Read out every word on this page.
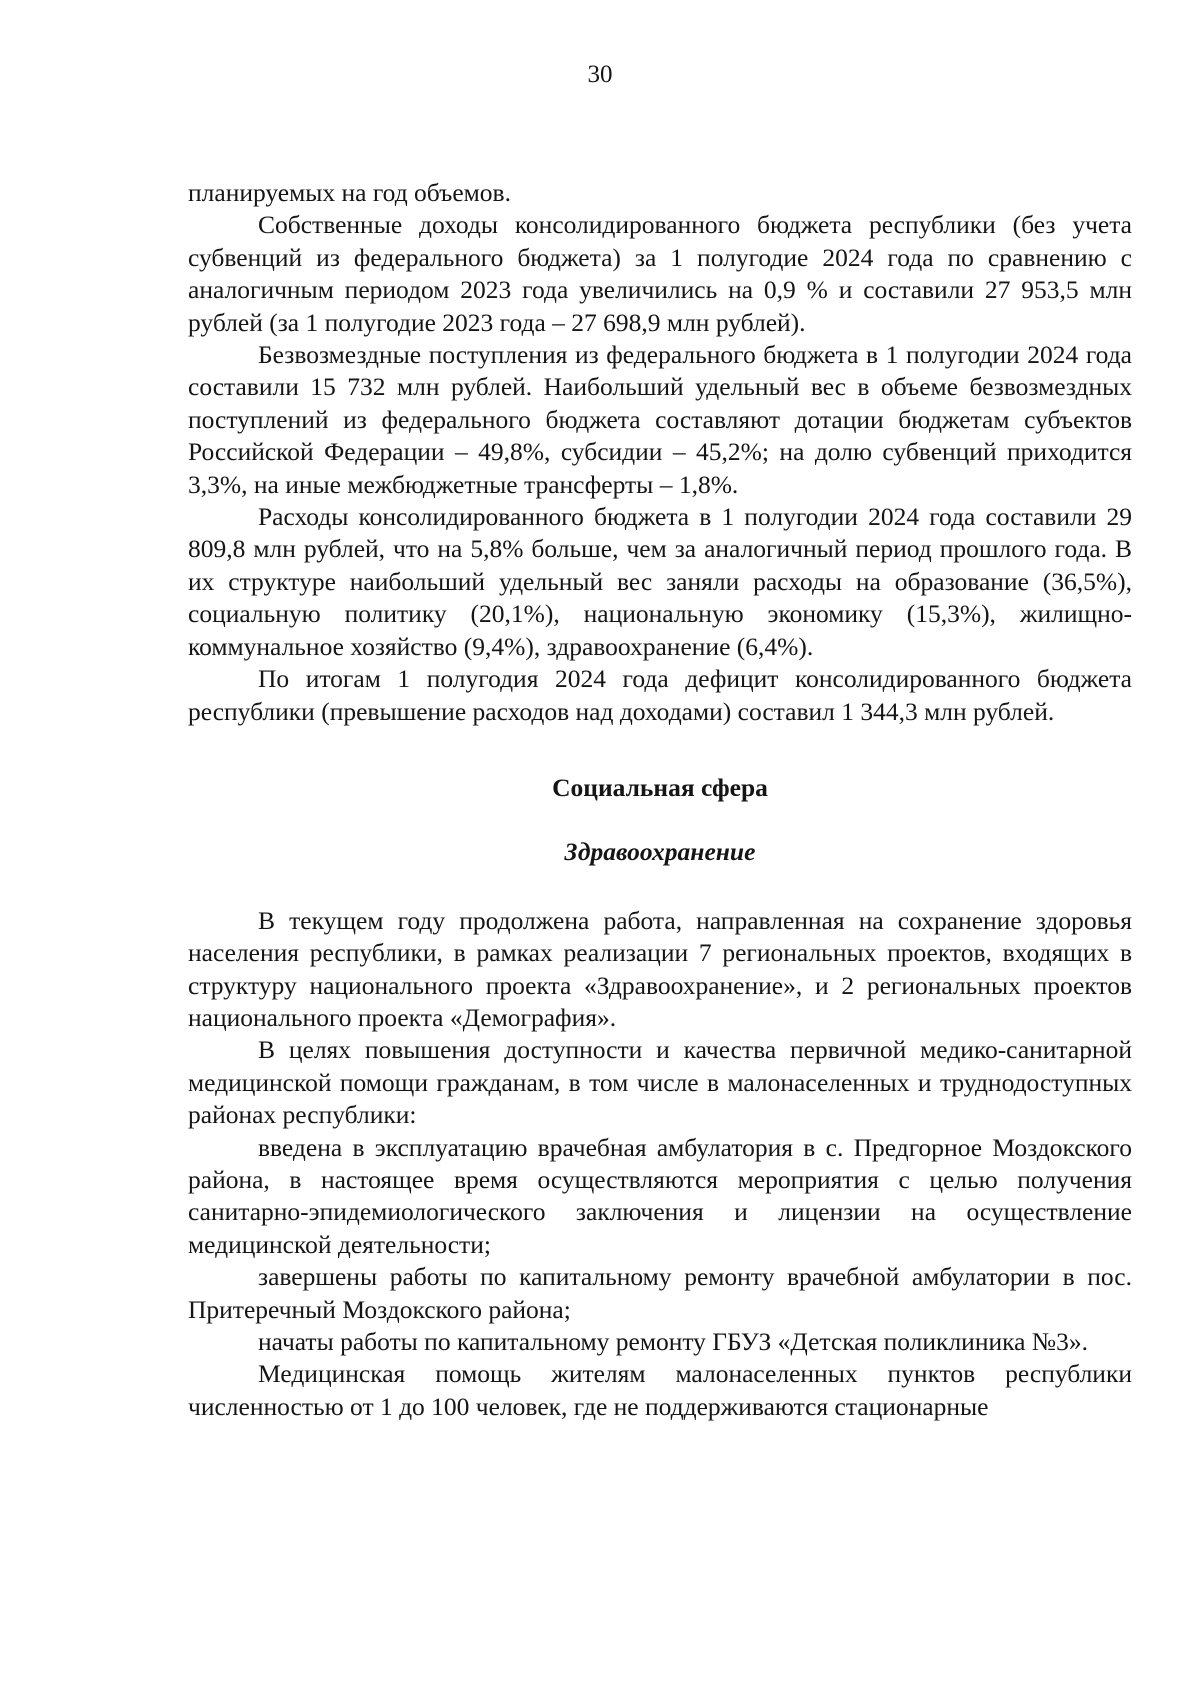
30

планируемых на год объемов.

Собственные доходы консолидированного бюджета республики (без учета субвенций из федерального бюджета) за 1 полугодие 2024 года по сравнению с аналогичным периодом 2023 года увеличились на 0,9 % и составили 27 953,5 млн рублей (за 1 полугодие 2023 года – 27 698,9 млн рублей).

Безвозмездные поступления из федерального бюджета в 1 полугодии 2024 года составили 15 732 млн рублей. Наибольший удельный вес в объеме безвозмездных поступлений из федерального бюджета составляют дотации бюджетам субъектов Российской Федерации – 49,8%, субсидии – 45,2%; на долю субвенций приходится 3,3%, на иные межбюджетные трансферты – 1,8%.

Расходы консолидированного бюджета в 1 полугодии 2024 года составили 29 809,8 млн рублей, что на 5,8% больше, чем за аналогичный период прошлого года. В их структуре наибольший удельный вес заняли расходы на образование (36,5%), социальную политику (20,1%), национальную экономику (15,3%), жилищно-коммунальное хозяйство (9,4%), здравоохранение (6,4%).

По итогам 1 полугодия 2024 года дефицит консолидированного бюджета республики (превышение расходов над доходами) составил 1 344,3 млн рублей.

Социальная сфера
Здравоохранение

В текущем году продолжена работа, направленная на сохранение здоровья населения республики, в рамках реализации 7 региональных проектов, входящих в структуру национального проекта «Здравоохранение», и 2 региональных проектов национального проекта «Демография».

В целях повышения доступности и качества первичной медико-санитарной медицинской помощи гражданам, в том числе в малонаселенных и труднодоступных районах республики:

введена в эксплуатацию врачебная амбулатория в с. Предгорное Моздокского района, в настоящее время осуществляются мероприятия с целью получения санитарно-эпидемиологического заключения и лицензии на осуществление медицинской деятельности;

завершены работы по капитальному ремонту врачебной амбулатории в пос. Притеречный Моздокского района;

начаты работы по капитальному ремонту ГБУЗ «Детская поликлиника №3».

Медицинская помощь жителям малонаселенных пунктов республики численностью от 1 до 100 человек, где не поддерживаются стационарные
